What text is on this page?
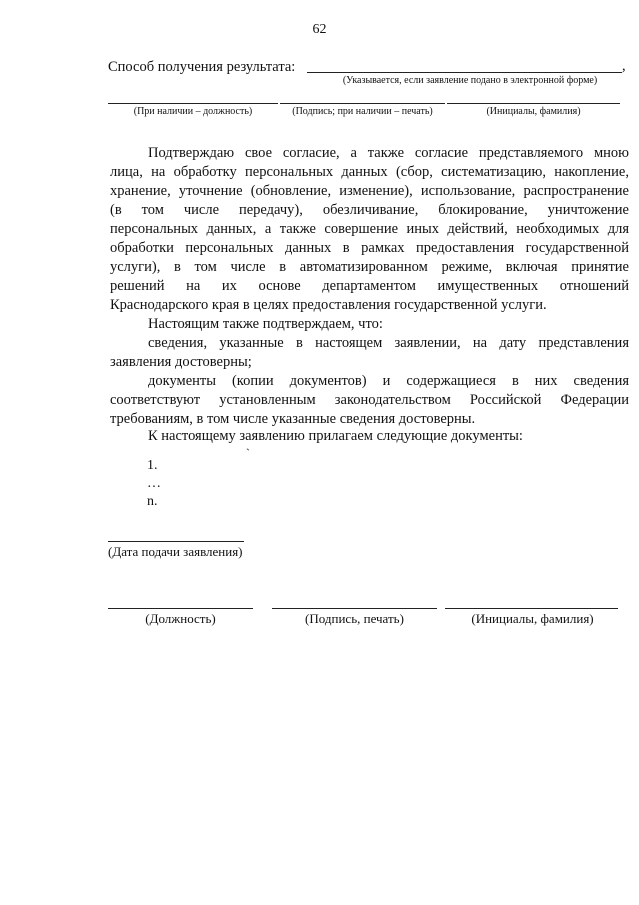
62
Способ получения результата:	,
(Указывается, если заявление подано в электронной форме)
(При наличии – должность)	(Подпись; при наличии – печать)	(Инициалы, фамилия)
Подтверждаю свое согласие, а также согласие представляемого мною
лица, на обработку персональных данных (сбор, систематизацию, накопление,
хранение, уточнение (обновление, изменение), использование, распространение
(в том числе передачу), обезличивание, блокирование, уничтожение
персональных данных, а также совершение иных действий, необходимых для
обработки персональных данных в рамках предоставления государственной
услуги), в том числе в автоматизированном режиме, включая принятие
решений на их основе департаментом имущественных отношений
Краснодарского края в целях предоставления государственной услуги.
Настоящим также подтверждаем, что:
сведения, указанные в настоящем заявлении, на дату представления заявления достоверны;
документы (копии документов) и содержащиеся в них сведения соответствуют установленным законодательством Российской Федерации требованиям, в том числе указанные сведения достоверны.
К настоящему заявлению прилагаем следующие документы:
`
1.
…
n.
(Дата подачи заявления)
(Должность)	(Подпись, печать)	(Инициалы, фамилия)
